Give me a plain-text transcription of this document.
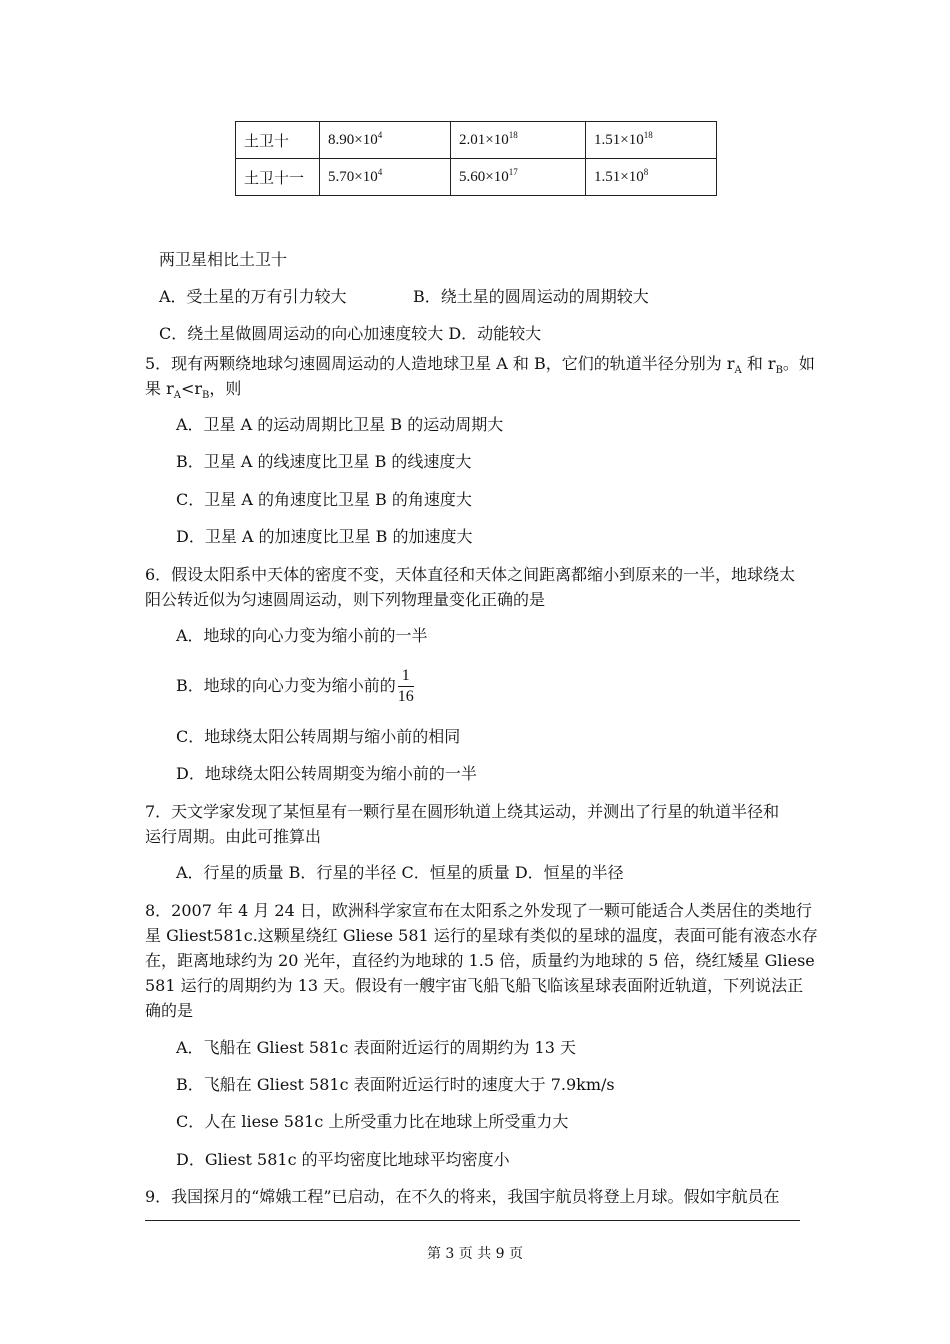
土卫十	$8.90\times 10^4$	$2.01\times 10^{18}$	$1.51\times 10^{18}$
土卫十一	$5.70\times 10^4$	$5.60\times 10^{17}$	$1.51\times 10^8$
两卫星相比土卫十
A．受土星的万有引力较大	B．绕土星的圆周运动的周期较大
C．绕土星做圆周运动的向心加速度较大 D．动能较大
5．现有两颗绕地球匀速圆周运动的人造地球卫星 A 和 B，它们的轨道半径分别为 $r_A$ 和 $r_B$。如
果 $r_A<r_B$，则
A．卫星 A 的运动周期比卫星 B 的运动周期大
B．卫星 A 的线速度比卫星 B 的线速度大
C．卫星 A 的角速度比卫星 B 的角速度大
D．卫星 A 的加速度比卫星 B 的加速度大
6．假设太阳系中天体的密度不变，天体直径和天体之间距离都缩小到原来的一半，地球绕太
阳公转近似为匀速圆周运动，则下列物理量变化正确的是
A．地球的向心力变为缩小前的一半
B．地球的向心力变为缩小前的 $\frac{1}{16}$
C．地球绕太阳公转周期与缩小前的相同
D．地球绕太阳公转周期变为缩小前的一半
7．天文学家发现了某恒星有一颗行星在圆形轨道上绕其运动，并测出了行星的轨道半径和
运行周期。由此可推算出
A．行星的质量 B．行星的半径 C．恒星的质量 D．恒星的半径
8．2007 年 4 月 24 日，欧洲科学家宣布在太阳系之外发现了一颗可能适合人类居住的类地行
星 Gliest581c.这颗星绕红 Gliese 581 运行的星球有类似的星球的温度，表面可能有液态水存
在，距离地球约为 20 光年，直径约为地球的 1.5 倍，质量约为地球的 5 倍，绕红矮星 Gliese
581 运行的周期约为 13 天。假设有一艘宇宙飞船飞船飞临该星球表面附近轨道，下列说法正
确的是
A．飞船在 Gliest 581c 表面附近运行的周期约为 13 天
B．飞船在 Gliest 581c 表面附近运行时的速度大于 7.9km/s
C．人在 liese 581c 上所受重力比在地球上所受重力大
D．Gliest 581c 的平均密度比地球平均密度小
9．我国探月的“嫦娥工程”已启动，在不久的将来，我国宇航员将登上月球。假如宇航员在
第 3 页 共 9 页
